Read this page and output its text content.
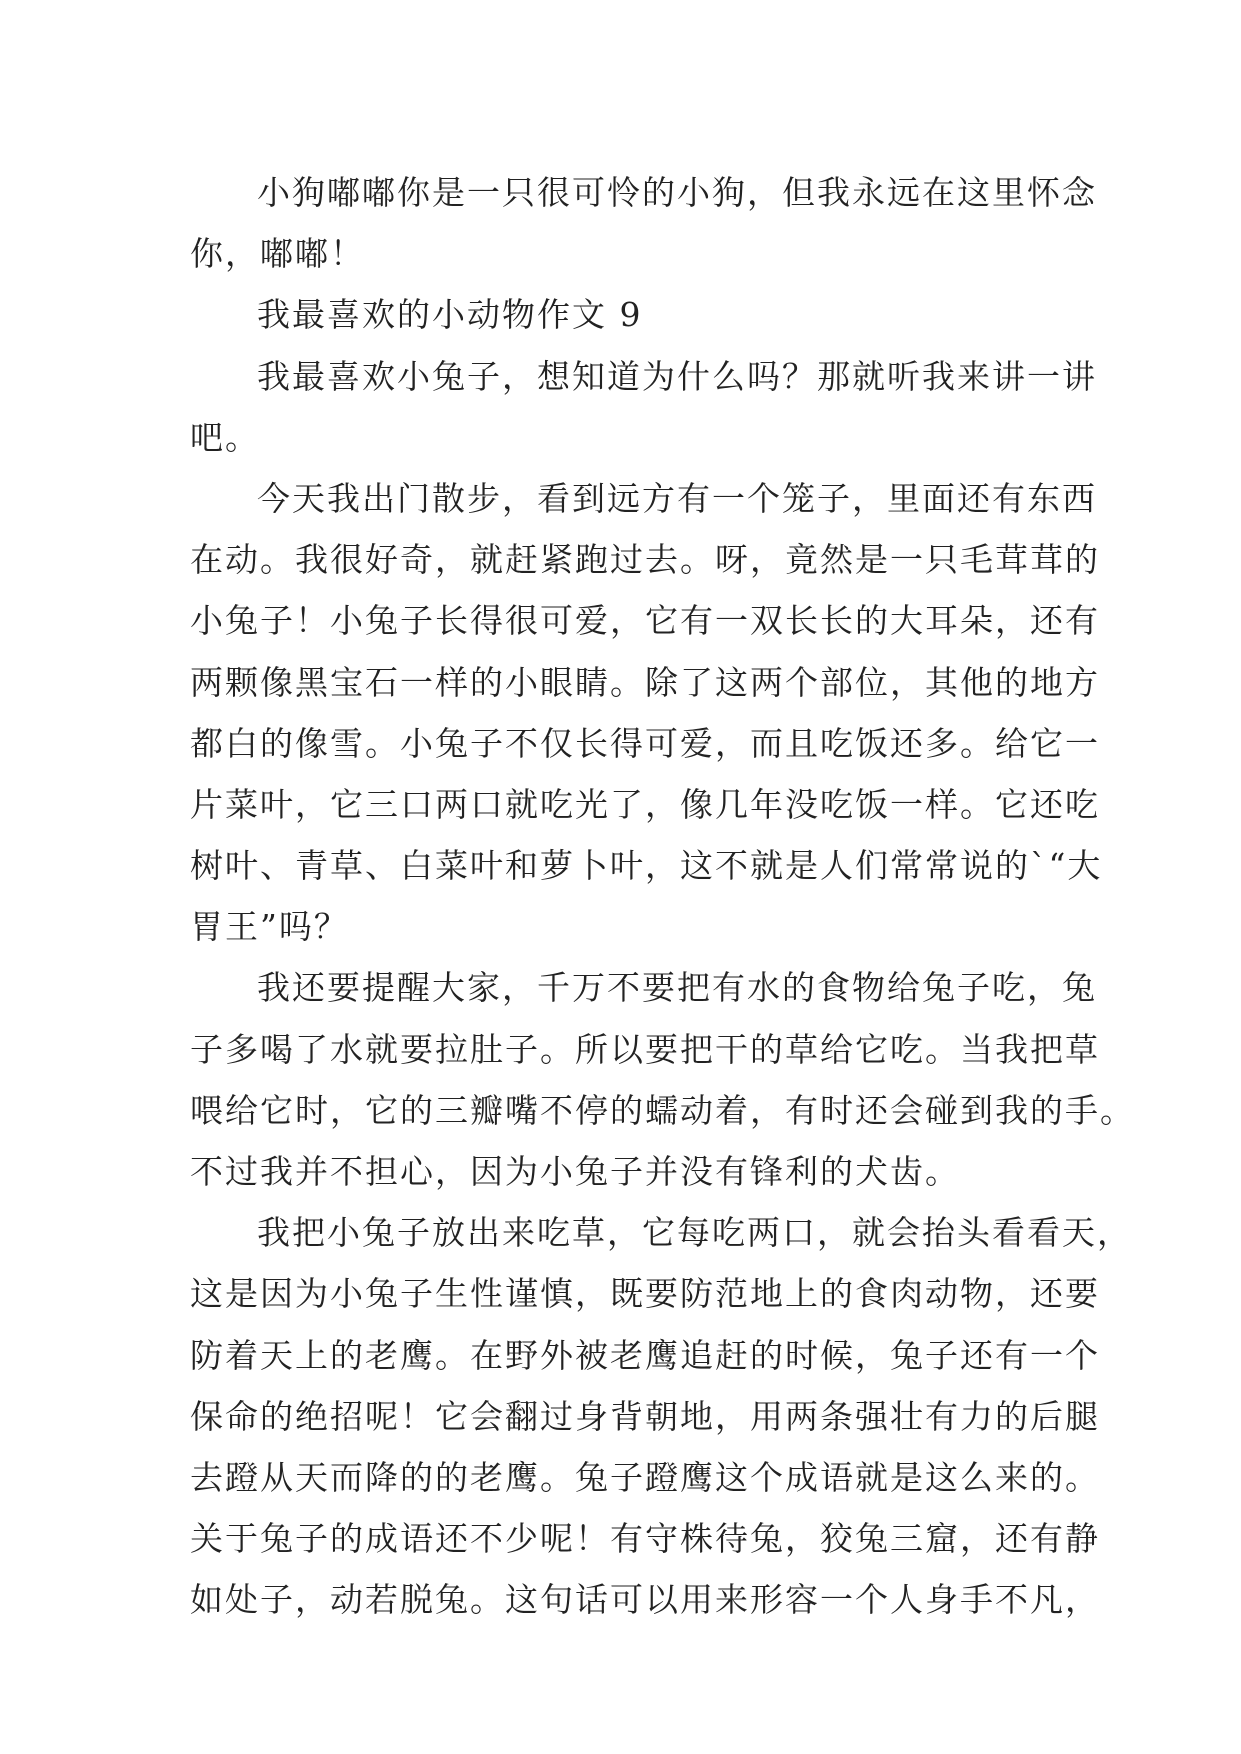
小狗嘟嘟你是一只很可怜的小狗，但我永远在这里怀念
你，嘟嘟！
我最喜欢的小动物作文 9
我最喜欢小兔子，想知道为什么吗？那就听我来讲一讲
吧。
今天我出门散步，看到远方有一个笼子，里面还有东西
在动。我很好奇，就赶紧跑过去。呀，竟然是一只毛茸茸的
小兔子！小兔子长得很可爱，它有一双长长的大耳朵，还有
两颗像黑宝石一样的小眼睛。除了这两个部位，其他的地方
都白的像雪。小兔子不仅长得可爱，而且吃饭还多。给它一
片菜叶，它三口两口就吃光了，像几年没吃饭一样。它还吃
树叶、青草、白菜叶和萝卜叶，这不就是人们常常说的`“大
胃王”吗？
我还要提醒大家，千万不要把有水的食物给兔子吃，兔
子多喝了水就要拉肚子。所以要把干的草给它吃。当我把草
喂给它时，它的三瓣嘴不停的蠕动着，有时还会碰到我的手。
不过我并不担心，因为小兔子并没有锋利的犬齿。
我把小兔子放出来吃草，它每吃两口，就会抬头看看天，
这是因为小兔子生性谨慎，既要防范地上的食肉动物，还要
防着天上的老鹰。在野外被老鹰追赶的时候，兔子还有一个
保命的绝招呢！它会翻过身背朝地，用两条强壮有力的后腿
去蹬从天而降的的老鹰。兔子蹬鹰这个成语就是这么来的。
关于兔子的成语还不少呢！有守株待兔，狡兔三窟，还有静
如处子，动若脱兔。这句话可以用来形容一个人身手不凡，
